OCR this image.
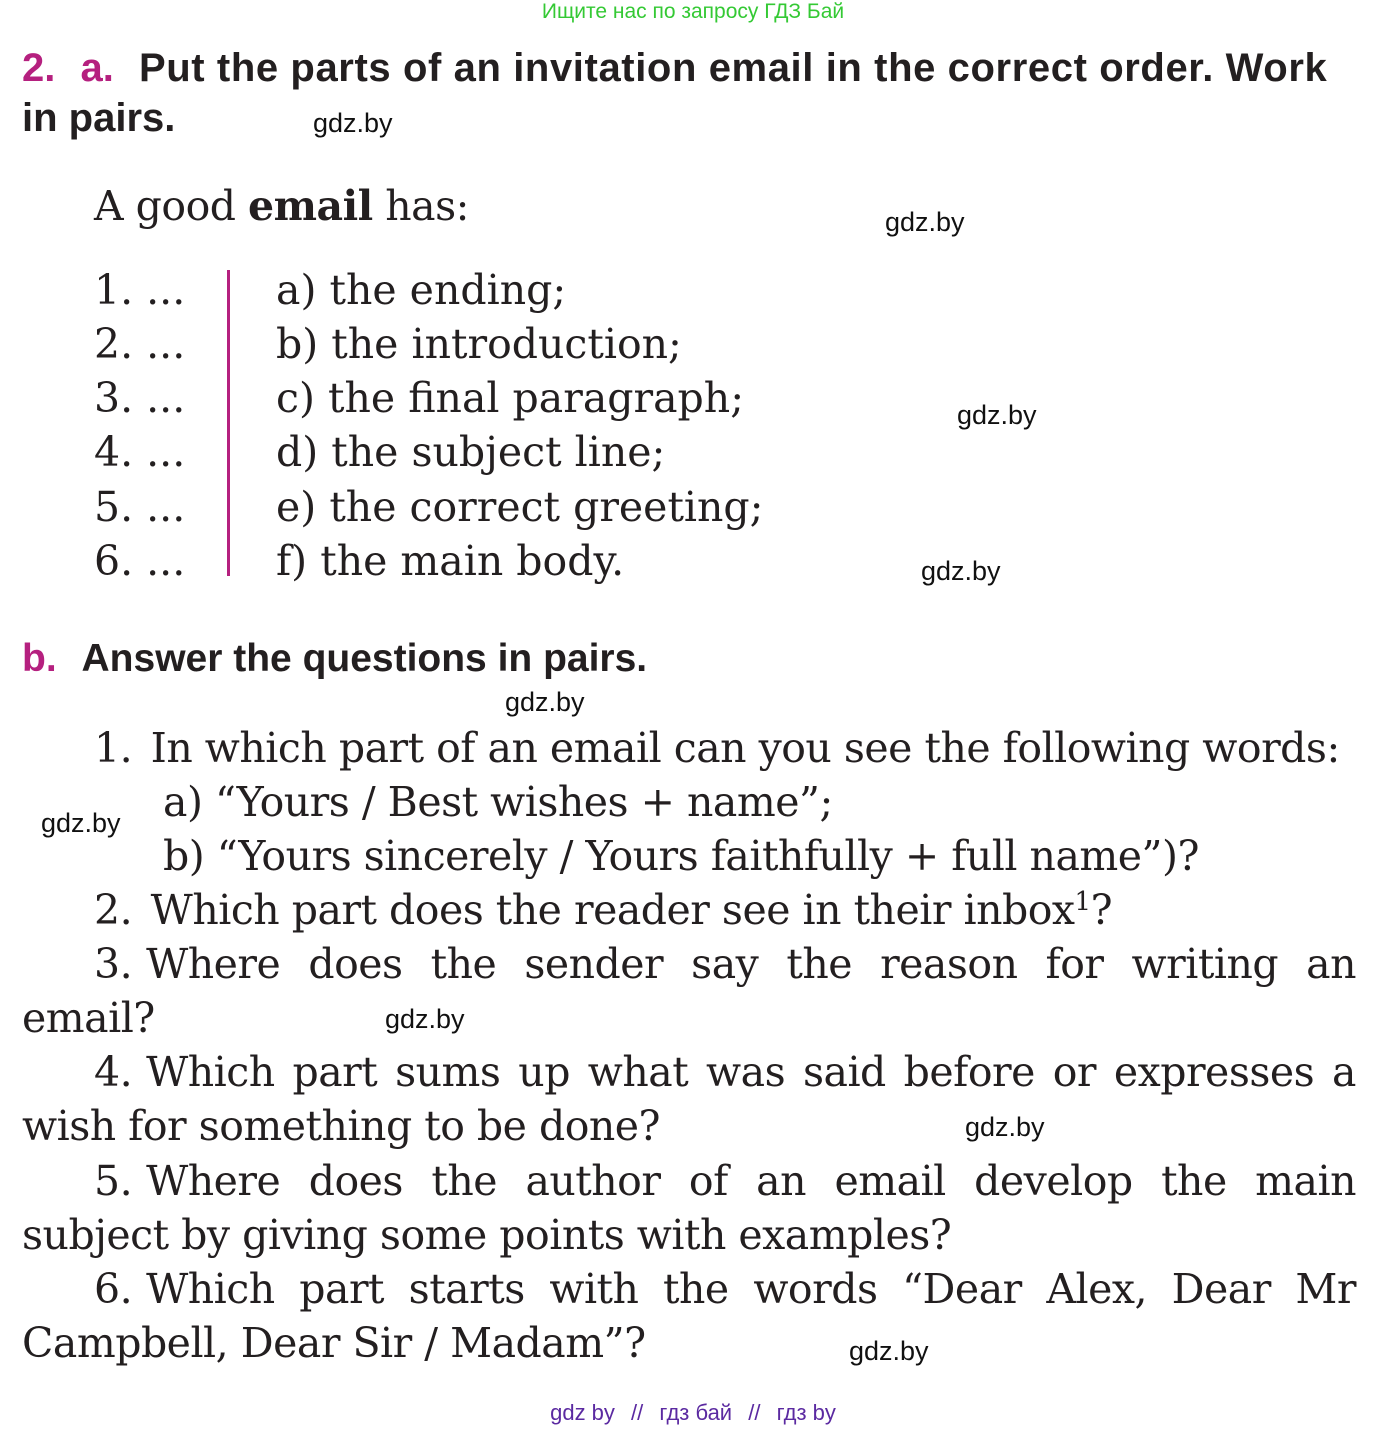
Ищите нас по запросу ГДЗ Бай
2. a. Put the parts of an invitation email in the correct order. Work
in pairs.
A good email has:
1. ...
2. ...
3. ...
4. ...
5. ...
6. ...
a) the ending;
b) the introduction;
c) the final paragraph;
d) the subject line;
e) the correct greeting;
f) the main body.
b. Answer the questions in pairs.
1. In which part of an email can you see the following words:
a) “Yours / Best wishes + name”;
b) “Yours sincerely / Yours faithfully + full name”)?
2. Which part does the reader see in their inbox$^1$?
3. Where does the sender say the reason for writing an
email?
4. Which part sums up what was said before or expresses a
wish for something to be done?
5. Where does the author of an email develop the main
subject by giving some points with examples?
6. Which part starts with the words “Dear Alex, Dear Mr
Campbell, Dear Sir / Madam”?
gdz.by
gdz.by
gdz.by
gdz.by
gdz.by
gdz.by
gdz.by
gdz.by
gdz.by
gdz by // гдз бай // гдз by
